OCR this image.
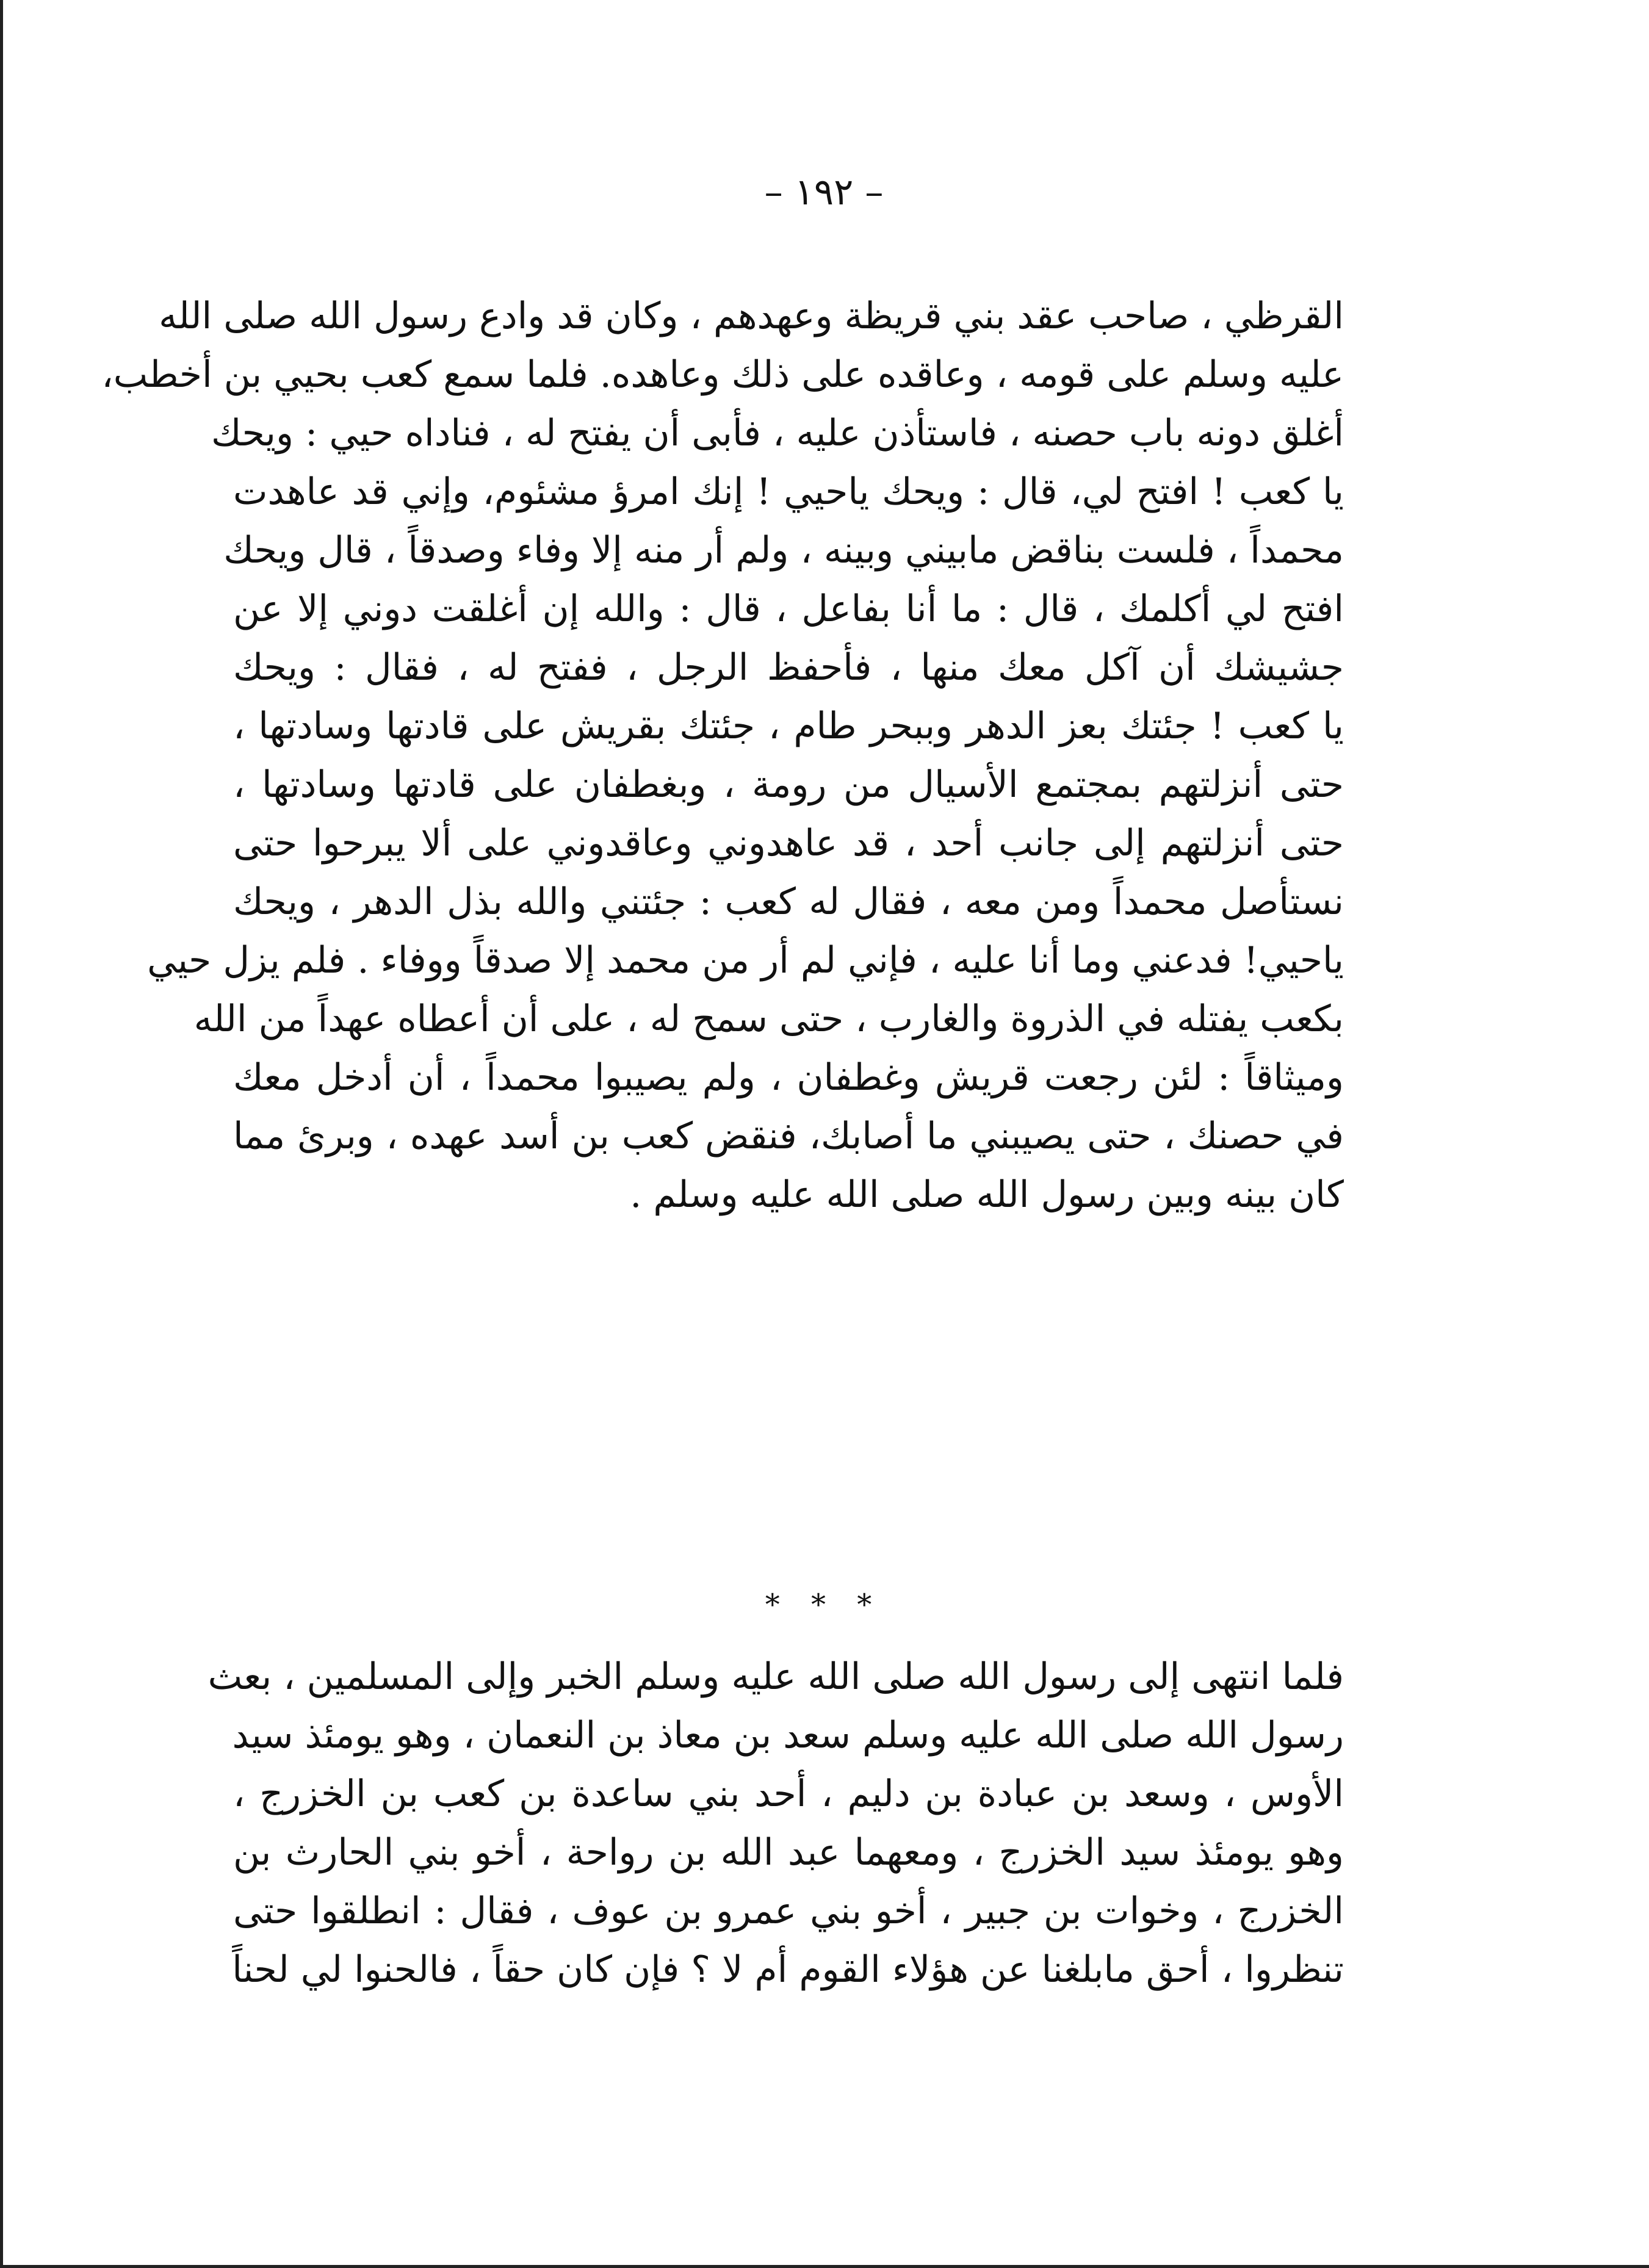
– ١٩٢ –
القرظي ، صاحب عقد بني قريظة وعهدهم ، وكان قد وادع رسول الله صلى الله
عليه وسلم على قومه ، وعاقده على ذلك وعاهده. فلما سمع كعب بحيي بن أخطب،
أغلق دونه باب حصنه ، فاستأذن عليه ، فأبى أن يفتح له ، فناداه حيي : ويحك
يا كعب ! افتح لي، قال : ويحك ياحيي ! إنك امرؤ مشئوم، وإني قد عاهدت
محمداً ، فلست بناقض مابيني وبينه ، ولم أر منه إلا وفاء وصدقاً ، قال ويحك
افتح لي أكلمك ، قال : ما أنا بفاعل ، قال : والله إن أغلقت دوني إلا عن
جشيشك أن آكل معك منها ، فأحفظ الرجل ، ففتح له ، فقال : ويحك
يا كعب ! جئتك بعز الدهر وببحر طام ، جئتك بقريش على قادتها وسادتها ،
حتى أنزلتهم بمجتمع الأسيال من رومة ، وبغطفان على قادتها وسادتها ،
حتى أنزلتهم إلى جانب أحد ، قد عاهدوني وعاقدوني على ألا يبرحوا حتى
نستأصل محمداً ومن معه ، فقال له كعب : جئتني والله بذل الدهر ، ويحك
ياحيي! فدعني وما أنا عليه ، فإني لم أر من محمد إلا صدقاً ووفاء . فلم يزل حيي
بكعب يفتله في الذروة والغارب ، حتى سمح له ، على أن أعطاه عهداً من الله
وميثاقاً : لئن رجعت قريش وغطفان ، ولم يصيبوا محمداً ، أن أدخل معك
في حصنك ، حتى يصيبني ما أصابك، فنقض كعب بن أسد عهده ، وبرئ مما
كان بينه وبين رسول الله صلى الله عليه وسلم .
* * *
فلما انتهى إلى رسول الله صلى الله عليه وسلم الخبر وإلى المسلمين ، بعث
رسول الله صلى الله عليه وسلم سعد بن معاذ بن النعمان ، وهو يومئذ سيد
الأوس ، وسعد بن عبادة بن دليم ، أحد بني ساعدة بن كعب بن الخزرج ،
وهو يومئذ سيد الخزرج ، ومعهما عبد الله بن رواحة ، أخو بني الحارث بن
الخزرج ، وخوات بن جبير ، أخو بني عمرو بن عوف ، فقال : انطلقوا حتى
تنظروا ، أحق مابلغنا عن هؤلاء القوم أم لا ؟ فإن كان حقاً ، فالحنوا لي لحناً
